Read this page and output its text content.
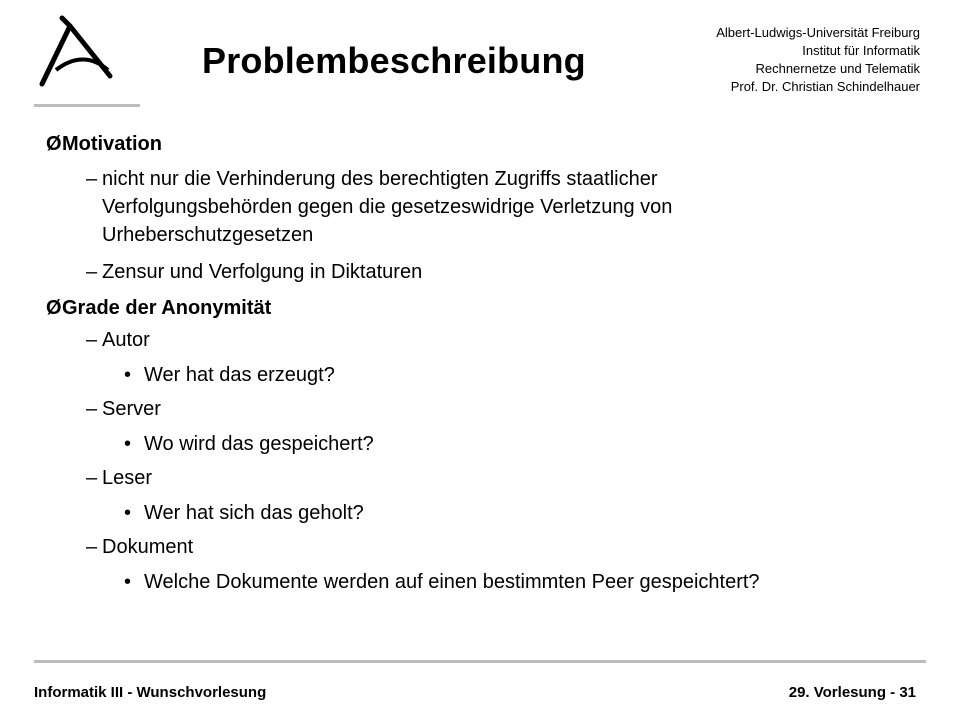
Problembeschreibung
Albert-Ludwigs-Universität Freiburg
Institut für Informatik
Rechnernetze und Telematik
Prof. Dr. Christian Schindelhauer
ØMotivation
– nicht nur die Verhinderung des berechtigten Zugriffs staatlicher Verfolgungsbehörden gegen die gesetzeswidrige Verletzung von Urheberschutzgesetzen
– Zensur und Verfolgung in Diktaturen
ØGrade der Anonymität
– Autor
• Wer hat das erzeugt?
– Server
• Wo wird das gespeichert?
– Leser
• Wer hat sich das geholt?
– Dokument
• Welche Dokumente werden auf einen bestimmten Peer gespeichtert?
Informatik III - Wunschvorlesung	29. Vorlesung - 31
